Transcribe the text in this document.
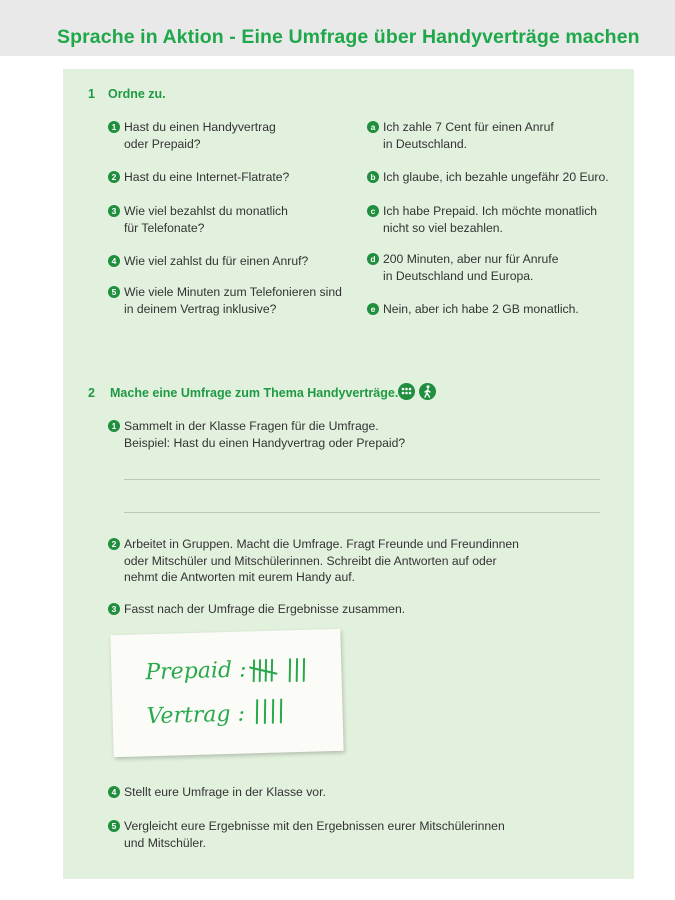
Sprache in Aktion - Eine Umfrage über Handyverträge machen
1 Ordne zu.
1 Hast du einen Handyvertrag
oder Prepaid?
2 Hast du eine Internet-Flatrate?
3 Wie viel bezahlst du monatlich
für Telefonate?
4 Wie viel zahlst du für einen Anruf?
5 Wie viele Minuten zum Telefonieren sind
in deinem Vertrag inklusive?
a Ich zahle 7 Cent für einen Anruf
in Deutschland.
b Ich glaube, ich bezahle ungefähr 20 Euro.
c Ich habe Prepaid. Ich möchte monatlich
nicht so viel bezahlen.
d 200 Minuten, aber nur für Anrufe
in Deutschland und Europa.
e Nein, aber ich habe 2 GB monatlich.
2 Mache eine Umfrage zum Thema Handyverträge.
1 Sammelt in der Klasse Fragen für die Umfrage.
Beispiel: Hast du einen Handyvertrag oder Prepaid?
2 Arbeitet in Gruppen. Macht die Umfrage. Fragt Freunde und Freundinnen
oder Mitschüler und Mitschülerinnen. Schreibt die Antworten auf oder
nehmt die Antworten mit eurem Handy auf.
3 Fasst nach der Umfrage die Ergebnisse zusammen.
Prepaid :
Vertrag :
4 Stellt eure Umfrage in der Klasse vor.
5 Vergleicht eure Ergebnisse mit den Ergebnissen eurer Mitschülerinnen
und Mitschüler.
